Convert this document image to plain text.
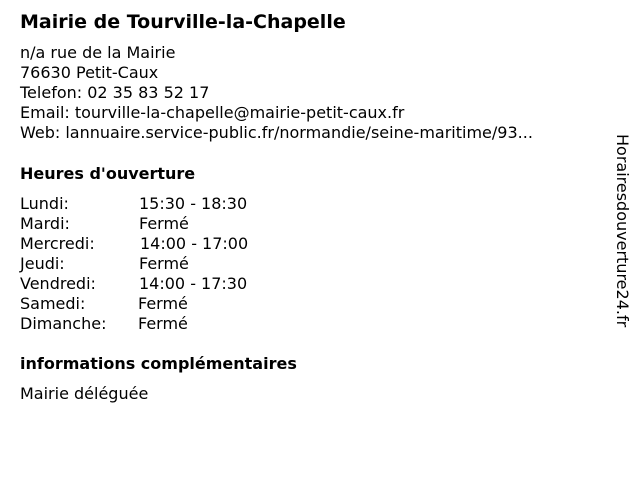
Mairie de Tourville-la-Chapelle
n/a rue de la Mairie
76630 Petit-Caux
Telefon: 02 35 83 52 17
Email: tourville-la-chapelle@mairie-petit-caux.fr
Web: lannuaire.service-public.fr/normandie/seine-maritime/93...
Heures d'ouverture
Lundi:	15:30 - 18:30
Mardi:	Fermé
Mercredi:	14:00 - 17:00
Jeudi:	Fermé
Vendredi:	14:00 - 17:30
Samedi:	Fermé
Dimanche: Fermé
informations complémentaires
Mairie déléguée
Horairesdouverture24.fr
